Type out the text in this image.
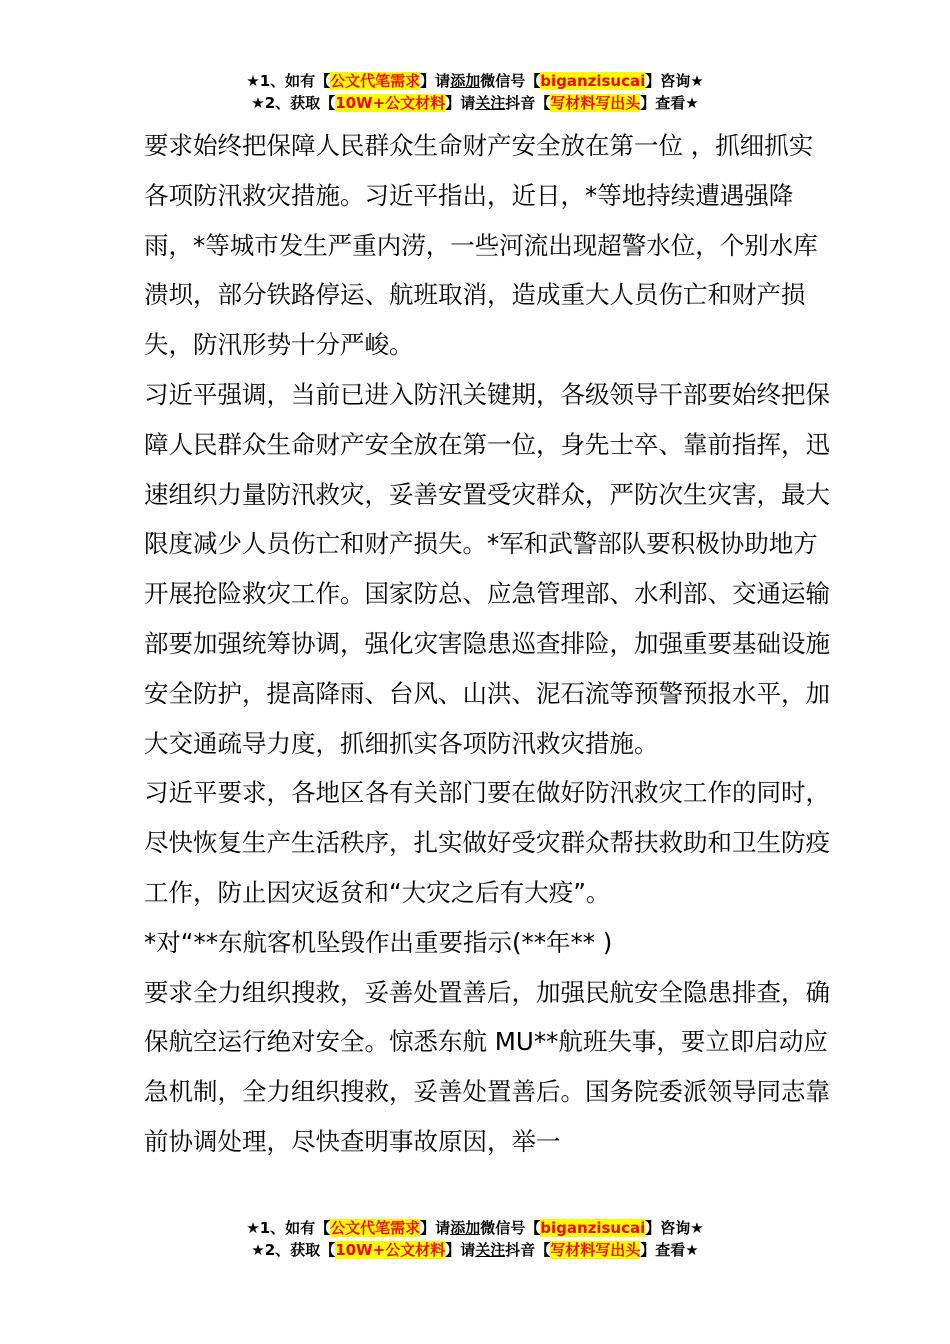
★1、如有【公文代笔需求】请添加微信号【biganzisucai】咨询★
★2、获取【10W+公文材料】请关注抖音【写材料写出头】查看★

要求始终把保障人民群众生命财产安全放在第一位 ，抓细抓实各项防汛救灾措施。习近平指出，近日，*等地持续遭遇强降雨，*等城市发生严重内涝，一些河流出现超警水位，个别水库溃坝，部分铁路停运、航班取消，造成重大人员伤亡和财产损失，防汛形势十分严峻。

习近平强调，当前已进入防汛关键期，各级领导干部要始终把保障人民群众生命财产安全放在第一位，身先士卒、靠前指挥，迅速组织力量防汛救灾，妥善安置受灾群众，严防次生灾害，最大限度减少人员伤亡和财产损失。*军和武警部队要积极协助地方开展抢险救灾工作。国家防总、应急管理部、水利部、交通运输部要加强统筹协调，强化灾害隐患巡查排险，加强重要基础设施安全防护，提高降雨、台风、山洪、泥石流等预警预报水平，加大交通疏导力度，抓细抓实各项防汛救灾措施。

习近平要求，各地区各有关部门要在做好防汛救灾工作的同时，尽快恢复生产生活秩序，扎实做好受灾群众帮扶救助和卫生防疫工作，防止因灾返贫和“大灾之后有大疫”。

*对“**东航客机坠毁作出重要指示(**年** )

要求全力组织搜救，妥善处置善后，加强民航安全隐患排查，确保航空运行绝对安全。惊悉东航 MU**航班失事，要立即启动应急机制，全力组织搜救，妥善处置善后。国务院委派领导同志靠前协调处理，尽快查明事故原因，举一

★1、如有【公文代笔需求】请添加微信号【biganzisucai】咨询★
★2、获取【10W+公文材料】请关注抖音【写材料写出头】查看★
